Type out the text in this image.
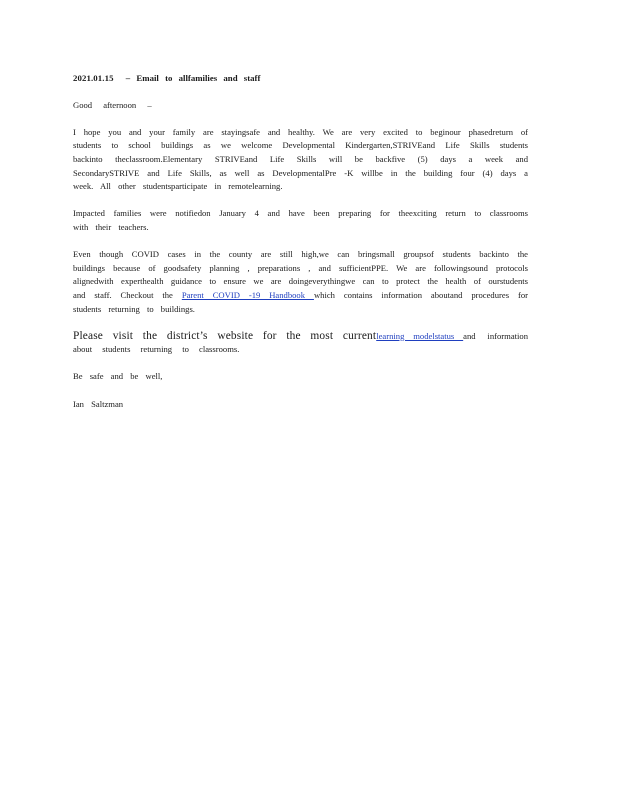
2021.01.15 – Email to allfamilies and staff

Good afternoon –

I hope you and your family are stayingsafe and healthy. We are very excited to beginour phasedreturn of students to school buildings as we welcome Developmental Kindergarten,STRIVEand Life Skills students backinto theclassroom.Elementary STRIVEand Life Skills will be backfive (5) days a week and SecondarySTRIVE and Life Skills, as well as DevelopmentalPre -K willbe in the building four (4) days a week. All other studentsparticipate in remotelearning.

Impacted families were notifiedon January 4 and have been preparing for theexciting return to classrooms with their teachers.

Even though COVID cases in the county are still high,we can bringsmall groupsof students backinto the buildings because of goodsafety planning , preparations , and sufficientPPE. We are followingsound protocols alignedwith experthealth guidance to ensure we are doingeverythingwe can to protect the health of ourstudents and staff. Checkout the Parent COVID -19 Handbook which contains information aboutand procedures for students returning to buildings.

Please visit the district’s website for the most currentlearning modelstatus and information about students returning to classrooms.

Be safe and be well,

Ian Saltzman
